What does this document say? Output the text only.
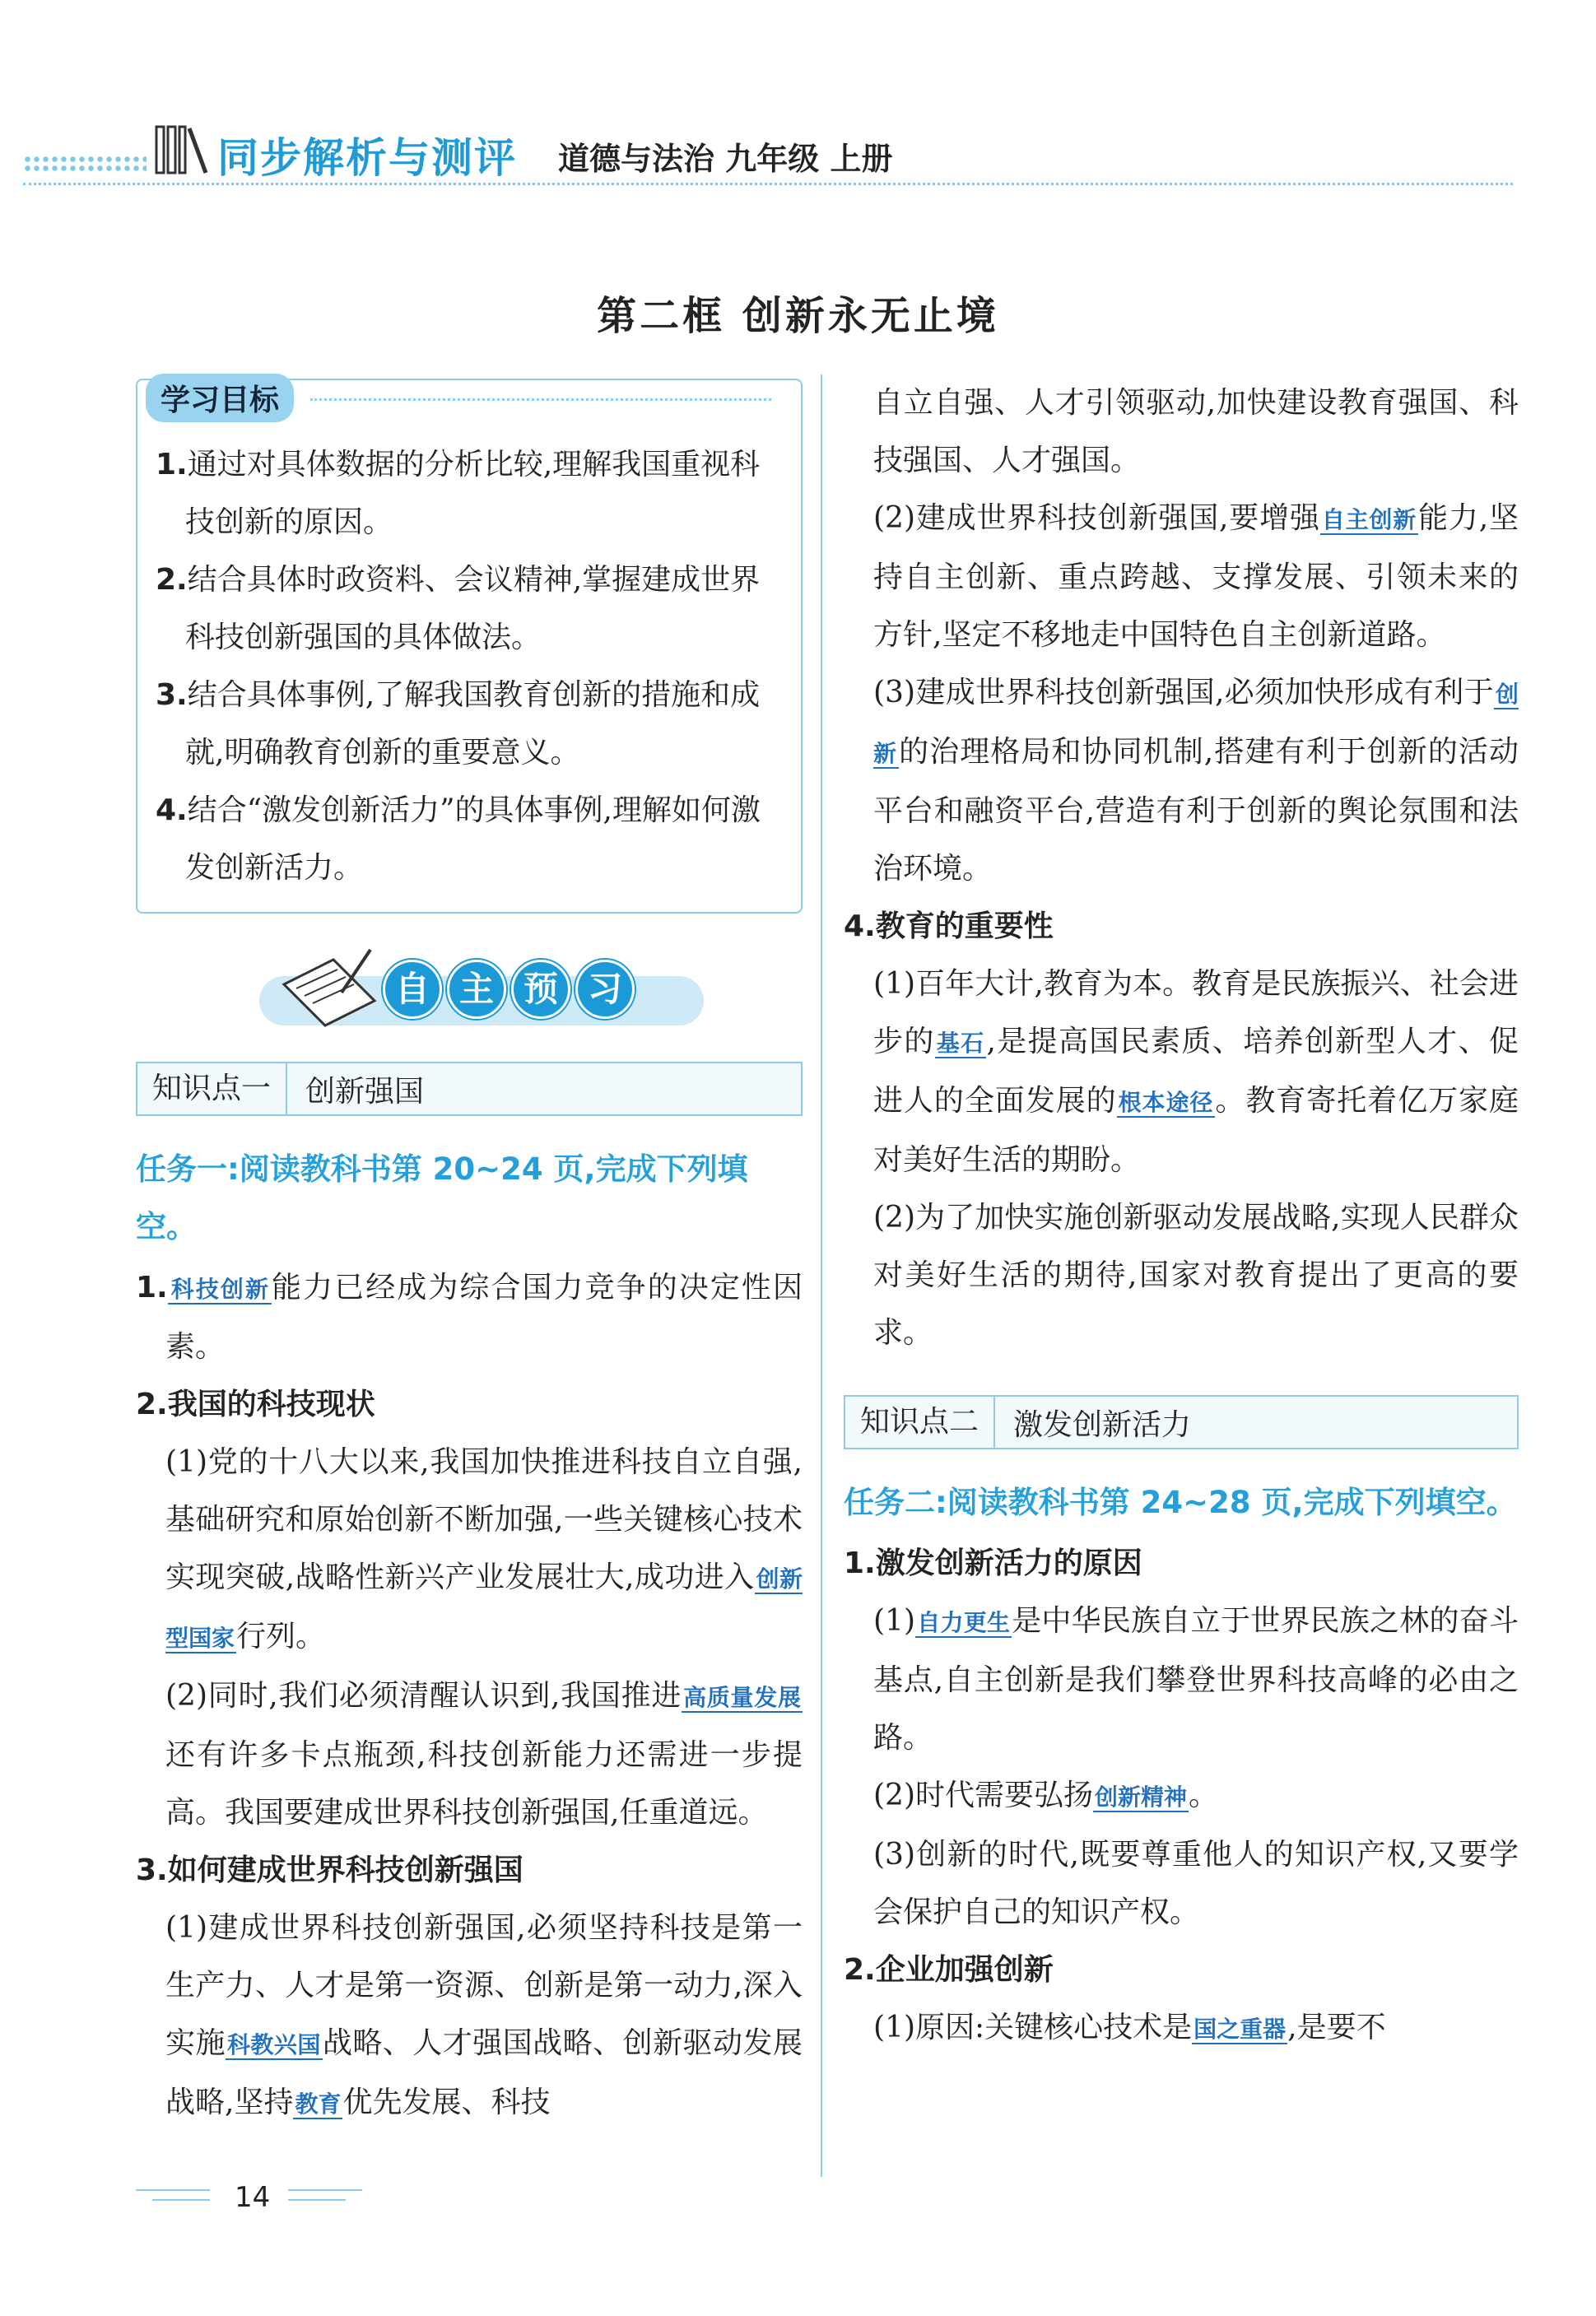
同步解析与测评 道德与法治 九年级 上册
第二框 创新永无止境
学习目标
1.通过对具体数据的分析比较,理解我国重视科技创新的原因。
2.结合具体时政资料、会议精神,掌握建成世界科技创新强国的具体做法。
3.结合具体事例,了解我国教育创新的措施和成就,明确教育创新的重要意义。
4.结合“激发创新活力”的具体事例,理解如何激发创新活力。
自 主 预 习
知识点一	创新强国
任务一:阅读教科书第 20~24 页,完成下列填空。
1.科技创新能力已经成为综合国力竞争的决定性因素。
2.我国的科技现状
(1)党的十八大以来,我国加快推进科技自立自强,基础研究和原始创新不断加强,一些关键核心技术实现突破,战略性新兴产业发展壮大,成功进入创新型国家行列。
(2)同时,我们必须清醒认识到,我国推进高质量发展还有许多卡点瓶颈,科技创新能力还需进一步提高。我国要建成世界科技创新强国,任重道远。
3.如何建成世界科技创新强国
(1)建成世界科技创新强国,必须坚持科技是第一生产力、人才是第一资源、创新是第一动力,深入实施科教兴国战略、人才强国战略、创新驱动发展战略,坚持教育优先发展、科技
自立自强、人才引领驱动,加快建设教育强国、科技强国、人才强国。
(2)建成世界科技创新强国,要增强自主创新能力,坚持自主创新、重点跨越、支撑发展、引领未来的方针,坚定不移地走中国特色自主创新道路。
(3)建成世界科技创新强国,必须加快形成有利于创新的治理格局和协同机制,搭建有利于创新的活动平台和融资平台,营造有利于创新的舆论氛围和法治环境。
4.教育的重要性
(1)百年大计,教育为本。教育是民族振兴、社会进步的基石,是提高国民素质、培养创新型人才、促进人的全面发展的根本途径。教育寄托着亿万家庭对美好生活的期盼。
(2)为了加快实施创新驱动发展战略,实现人民群众对美好生活的期待,国家对教育提出了更高的要求。
知识点二	激发创新活力
任务二:阅读教科书第 24~28 页,完成下列填空。
1.激发创新活力的原因
(1)自力更生是中华民族自立于世界民族之林的奋斗基点,自主创新是我们攀登世界科技高峰的必由之路。
(2)时代需要弘扬创新精神。
(3)创新的时代,既要尊重他人的知识产权,又要学会保护自己的知识产权。
2.企业加强创新
(1)原因:关键核心技术是国之重器,是要不
14
